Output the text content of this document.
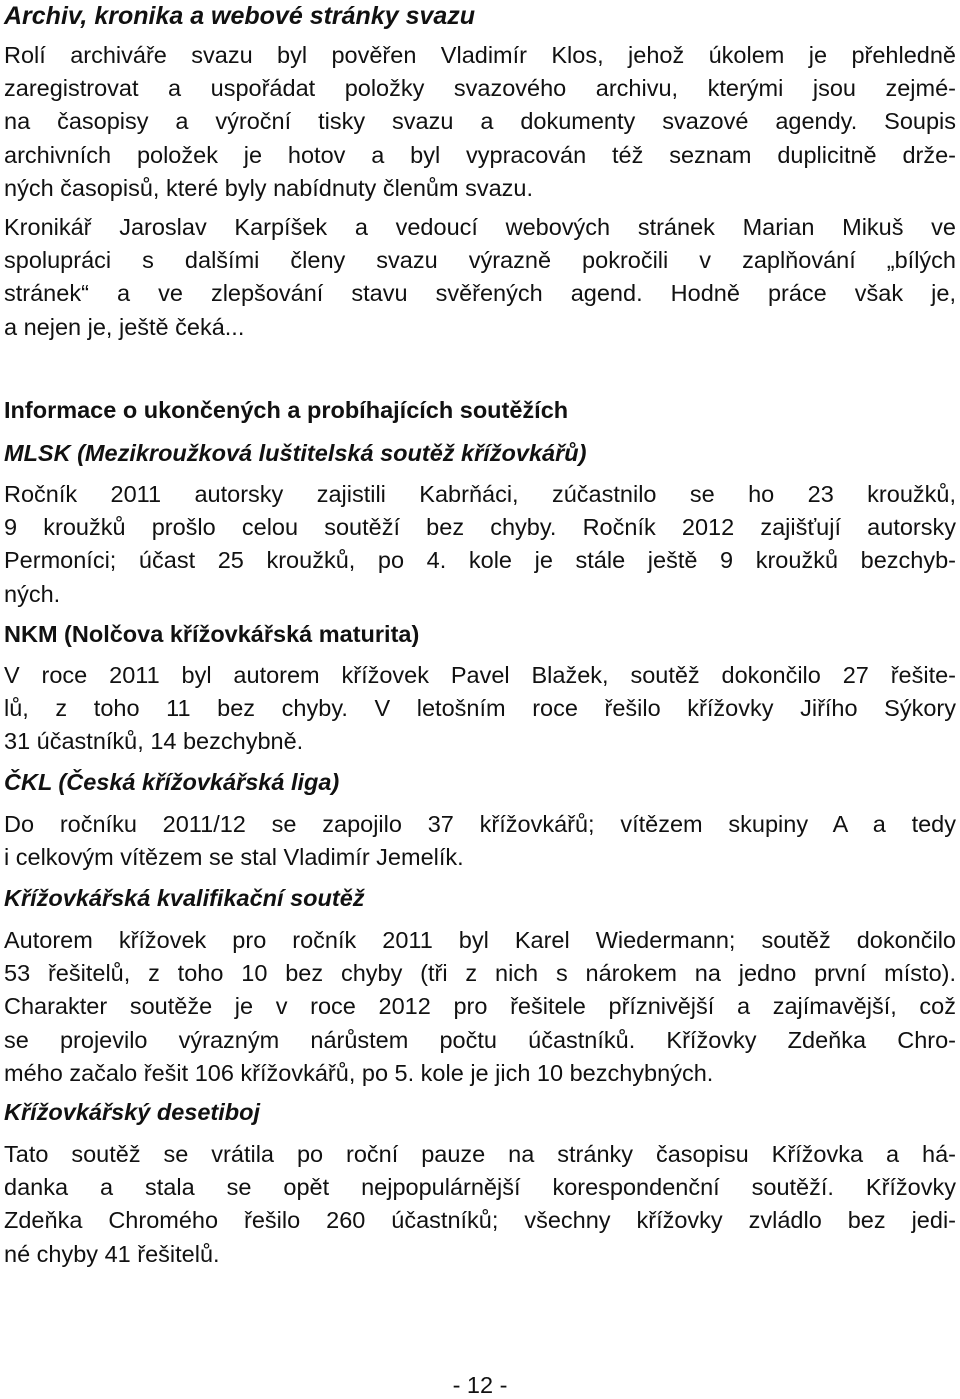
Archiv, kronika a webové stránky svazu
Rolí archiváře svazu byl pověřen Vladimír Klos, jehož úkolem je přehledně
zaregistrovat a uspořádat položky svazového archivu, kterými jsou zejmé-
na časopisy a výroční tisky svazu a dokumenty svazové agendy. Soupis
archivních položek je hotov a byl vypracován též seznam duplicitně drže-
ných časopisů, které byly nabídnuty členům svazu.
Kronikář Jaroslav Karpíšek a vedoucí webových stránek Marian Mikuš ve
spolupráci s dalšími členy svazu výrazně pokročili v zaplňování „bílých
stránek“ a ve zlepšování stavu svěřených agend. Hodně práce však je,
a nejen je, ještě čeká...
Informace o ukončených a probíhajících soutěžích
MLSK (Mezikroužková luštitelská soutěž křížovkářů)
Ročník 2011 autorsky zajistili Kabrňáci, zúčastnilo se ho 23 kroužků,
9 kroužků prošlo celou soutěží bez chyby. Ročník 2012 zajišťují autorsky
Permoníci; účast 25 kroužků, po 4. kole je stále ještě 9 kroužků bezchyb-
ných.
NKM (Nolčova křížovkářská maturita)
V roce 2011 byl autorem křížovek Pavel Blažek, soutěž dokončilo 27 řešite-
lů, z toho 11 bez chyby. V letošním roce řešilo křížovky Jiřího Sýkory
31 účastníků, 14 bezchybně.
ČKL (Česká křížovkářská liga)
Do ročníku 2011/12 se zapojilo 37 křížovkářů; vítězem skupiny A a tedy
i celkovým vítězem se stal Vladimír Jemelík.
Křížovkářská kvalifikační soutěž
Autorem křížovek pro ročník 2011 byl Karel Wiedermann; soutěž dokončilo
53 řešitelů, z toho 10 bez chyby (tři z nich s nárokem na jedno první místo).
Charakter soutěže je v roce 2012 pro řešitele příznivější a zajímavější, což
se projevilo výrazným nárůstem počtu účastníků. Křížovky Zdeňka Chro-
mého začalo řešit 106 křížovkářů, po 5. kole je jich 10 bezchybných.
Křížovkářský desetiboj
Tato soutěž se vrátila po roční pauze na stránky časopisu Křížovka a há-
danka a stala se opět nejpopulárnější korespondenční soutěží. Křížovky
Zdeňka Chromého řešilo 260 účastníků; všechny křížovky zvládlo bez jedi-
né chyby 41 řešitelů.
- 12 -
